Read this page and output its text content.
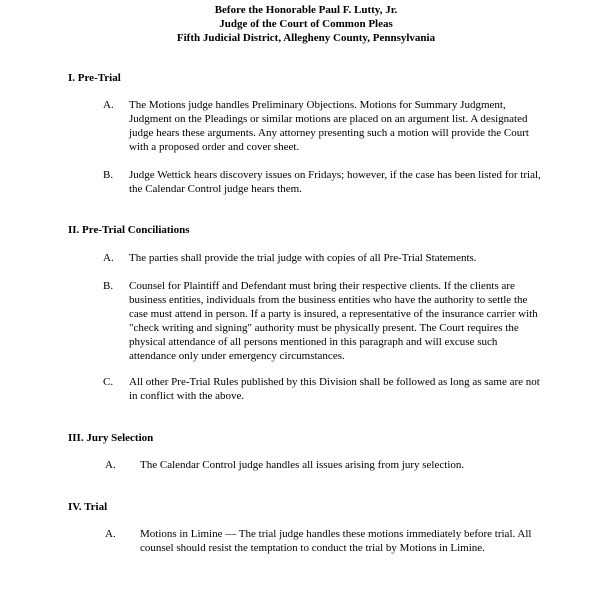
Before the Honorable Paul F. Lutty, Jr.
Judge of the Court of Common Pleas
Fifth Judicial District, Allegheny County, Pennsylvania
I. Pre-Trial
A. The Motions judge handles Preliminary Objections. Motions for Summary Judgment, Judgment on the Pleadings or similar motions are placed on an argument list. A designated judge hears these arguments. Any attorney presenting such a motion will provide the Court with a proposed order and cover sheet.
B. Judge Wettick hears discovery issues on Fridays; however, if the case has been listed for trial, the Calendar Control judge hears them.
II. Pre-Trial Conciliations
A. The parties shall provide the trial judge with copies of all Pre-Trial Statements.
B. Counsel for Plaintiff and Defendant must bring their respective clients. If the clients are business entities, individuals from the business entities who have the authority to settle the case must attend in person. If a party is insured, a representative of the insurance carrier with "check writing and signing" authority must be physically present. The Court requires the physical attendance of all persons mentioned in this paragraph and will excuse such attendance only under emergency circumstances.
C. All other Pre-Trial Rules published by this Division shall be followed as long as same are not in conflict with the above.
III. Jury Selection
A. The Calendar Control judge handles all issues arising from jury selection.
IV. Trial
A. Motions in Limine — The trial judge handles these motions immediately before trial. All counsel should resist the temptation to conduct the trial by Motions in Limine.
